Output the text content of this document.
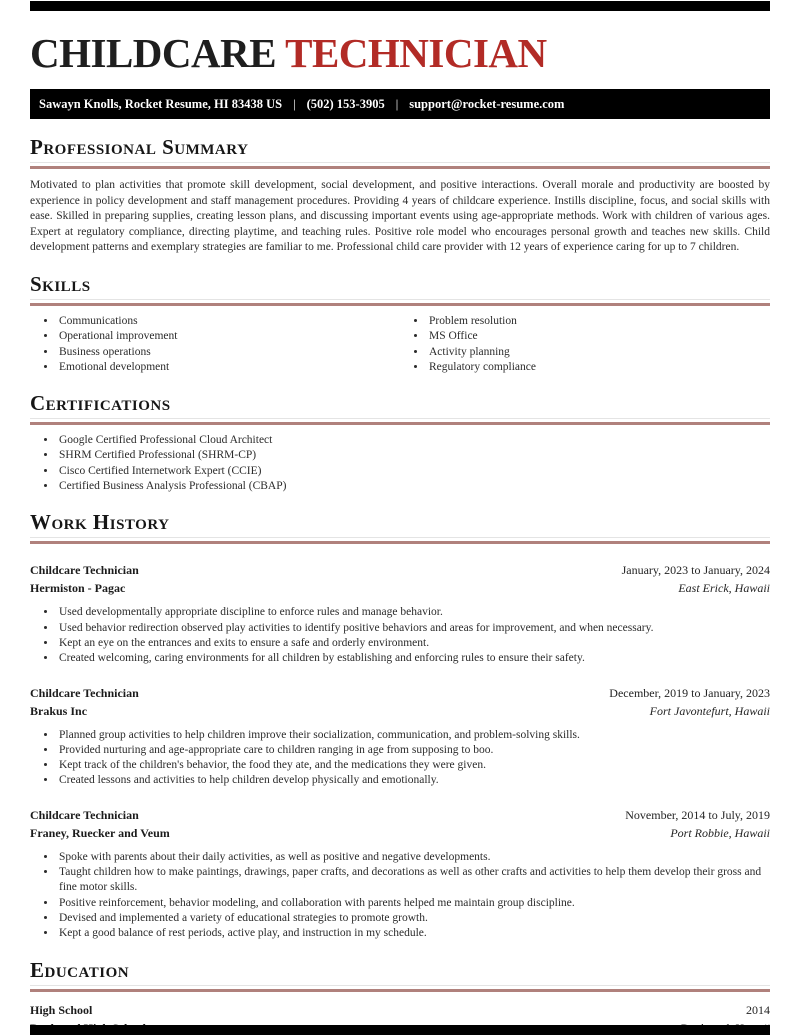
CHILDCARE TECHNICIAN
Sawayn Knolls, Rocket Resume, HI 83438 US | (502) 153-3905 | support@rocket-resume.com
Professional Summary

Motivated to plan activities that promote skill development, social development, and positive interactions. Overall morale and productivity are boosted by experience in policy development and staff management procedures. Providing 4 years of childcare experience. Instills discipline, focus, and social skills with ease. Skilled in preparing supplies, creating lesson plans, and discussing important events using age-appropriate methods. Work with children of various ages. Expert at regulatory compliance, directing playtime, and teaching rules. Positive role model who encourages personal growth and teaches new skills. Child development patterns and exemplary strategies are familiar to me. Professional child care provider with 12 years of experience caring for up to 7 children.

Skills
• Communications
• Operational improvement
• Business operations
• Emotional development
• Problem resolution
• MS Office
• Activity planning
• Regulatory compliance
Certifications
• Google Certified Professional Cloud Architect
• SHRM Certified Professional (SHRM-CP)
• Cisco Certified Internetwork Expert (CCIE)
• Certified Business Analysis Professional (CBAP)
Work History
Childcare Technician	January, 2023 to January, 2024
Hermiston - Pagac	East Erick, Hawaii
• Used developmentally appropriate discipline to enforce rules and manage behavior.
• Used behavior redirection observed play activities to identify positive behaviors and areas for improvement, and when necessary.
• Kept an eye on the entrances and exits to ensure a safe and orderly environment.
• Created welcoming, caring environments for all children by establishing and enforcing rules to ensure their safety.
Childcare Technician	December, 2019 to January, 2023
Brakus Inc	Fort Javontefurt, Hawaii
• Planned group activities to help children improve their socialization, communication, and problem-solving skills.
• Provided nurturing and age-appropriate care to children ranging in age from supposing to boo.
• Kept track of the children's behavior, the food they ate, and the medications they were given.
• Created lessons and activities to help children develop physically and emotionally.
Childcare Technician	November, 2014 to July, 2019
Franey, Ruecker and Veum	Port Robbie, Hawaii
• Spoke with parents about their daily activities, as well as positive and negative developments.
• Taught children how to make paintings, drawings, paper crafts, and decorations as well as other crafts and activities to help them develop their gross and fine motor skills.
• Positive reinforcement, behavior modeling, and collaboration with parents helped me maintain group discipline.
• Devised and implemented a variety of educational strategies to promote growth.
• Kept a good balance of rest periods, active play, and instruction in my schedule.
Education
High School	2014
